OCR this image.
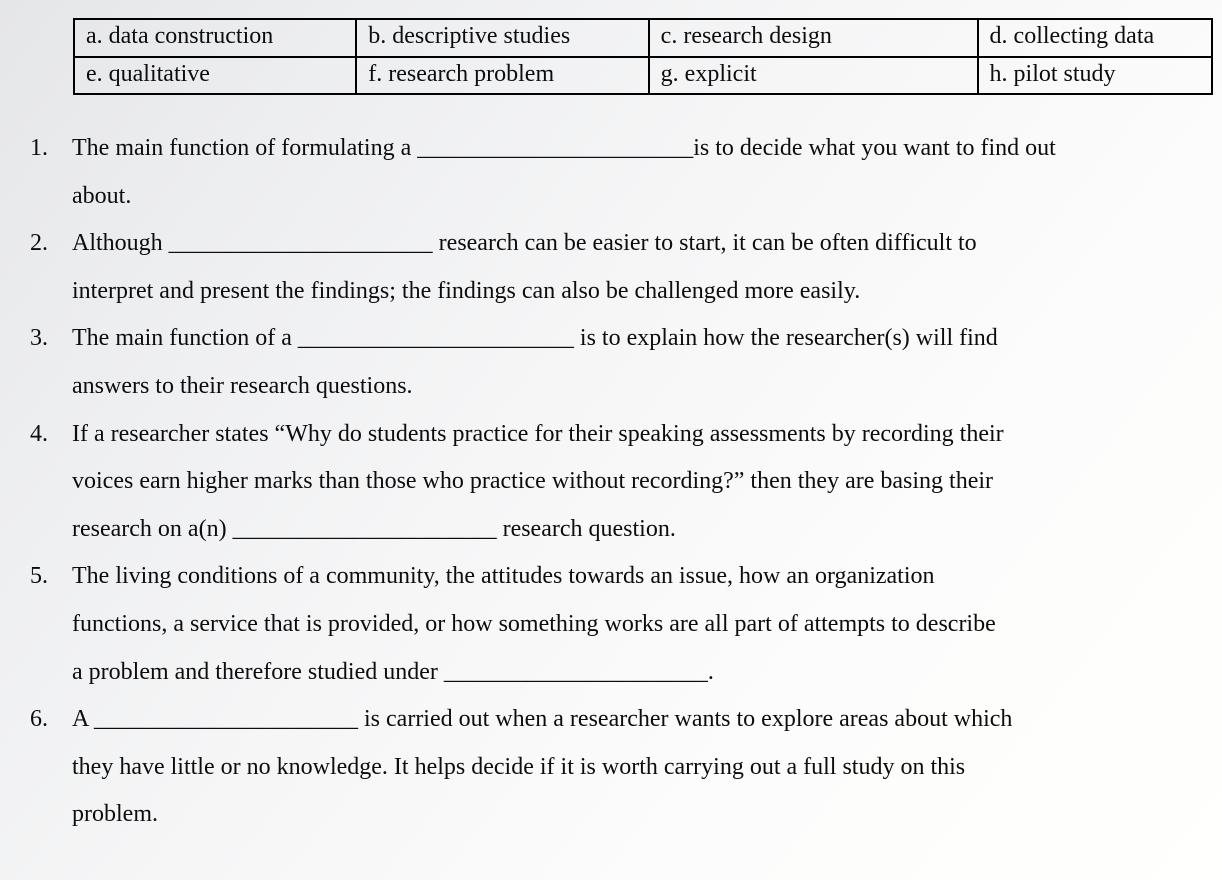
a. data construction	b. descriptive studies	c. research design	d. collecting data
e. qualitative	f. research problem	g. explicit	h. pilot study
1.	The main function of formulating a _______________________is to decide what you want to find out
about.
2.	Although ______________________ research can be easier to start, it can be often difficult to
interpret and present the findings; the findings can also be challenged more easily.
3.	The main function of a _______________________ is to explain how the researcher(s) will find
answers to their research questions.
4.	If a researcher states “Why do students practice for their speaking assessments by recording their
voices earn higher marks than those who practice without recording?” then they are basing their
research on a(n) ______________________ research question.
5.	The living conditions of a community, the attitudes towards an issue, how an organization
functions, a service that is provided, or how something works are all part of attempts to describe
a problem and therefore studied under ______________________.
6.	A ______________________ is carried out when a researcher wants to explore areas about which
they have little or no knowledge. It helps decide if it is worth carrying out a full study on this
problem.
